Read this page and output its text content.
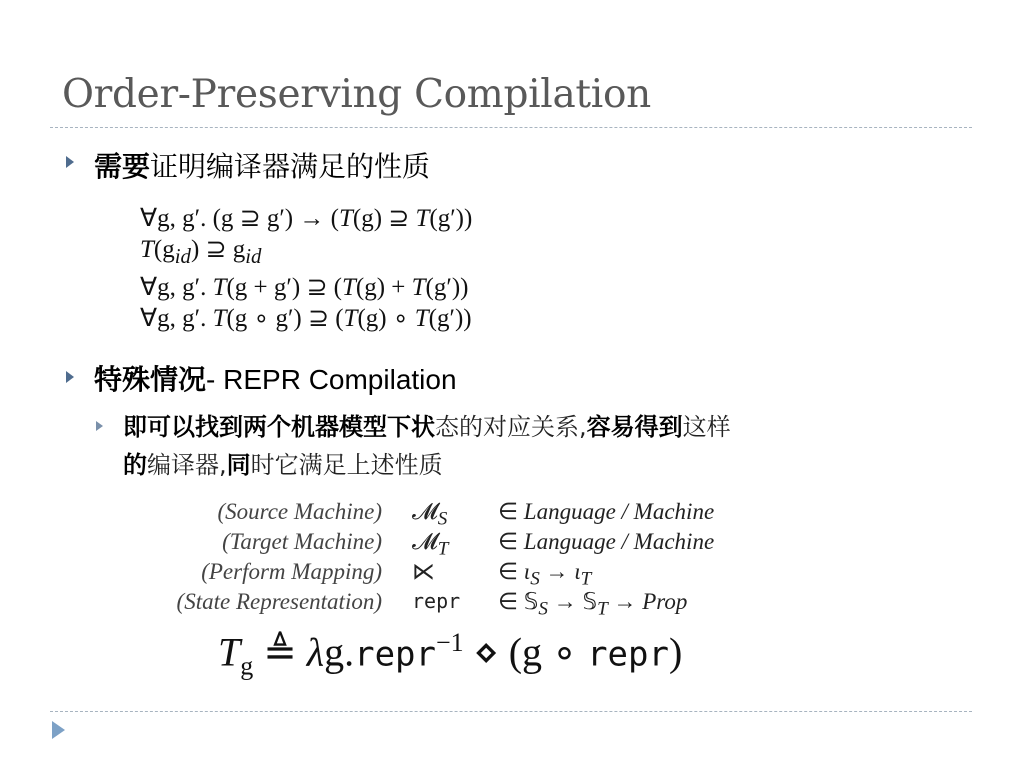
Order-Preserving Compilation
需要证明编译器满足的性质
∀g, g′. (g ⊇ g′) → (T(g) ⊇ T(g′))
$T(g_{id})$ ⊇ $g_{id}$
∀g, g′. T(g + g′) ⊇ (T(g) + T(g′))
∀g, g′. T(g ∘ g′) ⊇ (T(g) ∘ T(g′))
特殊情况- REPR Compilation
即可以找到两个机器模型下状态的对应关系,容易得到这样
的编译器,同时它满足上述性质
(Source Machine) 𝓜$_S$ ∈ Language / Machine
(Target Machine) 𝓜$_T$ ∈ Language / Machine
(Perform Mapping) ⋉	∈ $\iota_S \to \iota_T$
(State Representation) repr ∈ 𝕊$_S$ → 𝕊$_T$ → Prop
$T_g$ ≜ λg.repr$^{-1}$ ⋄ (g ∘ repr)
